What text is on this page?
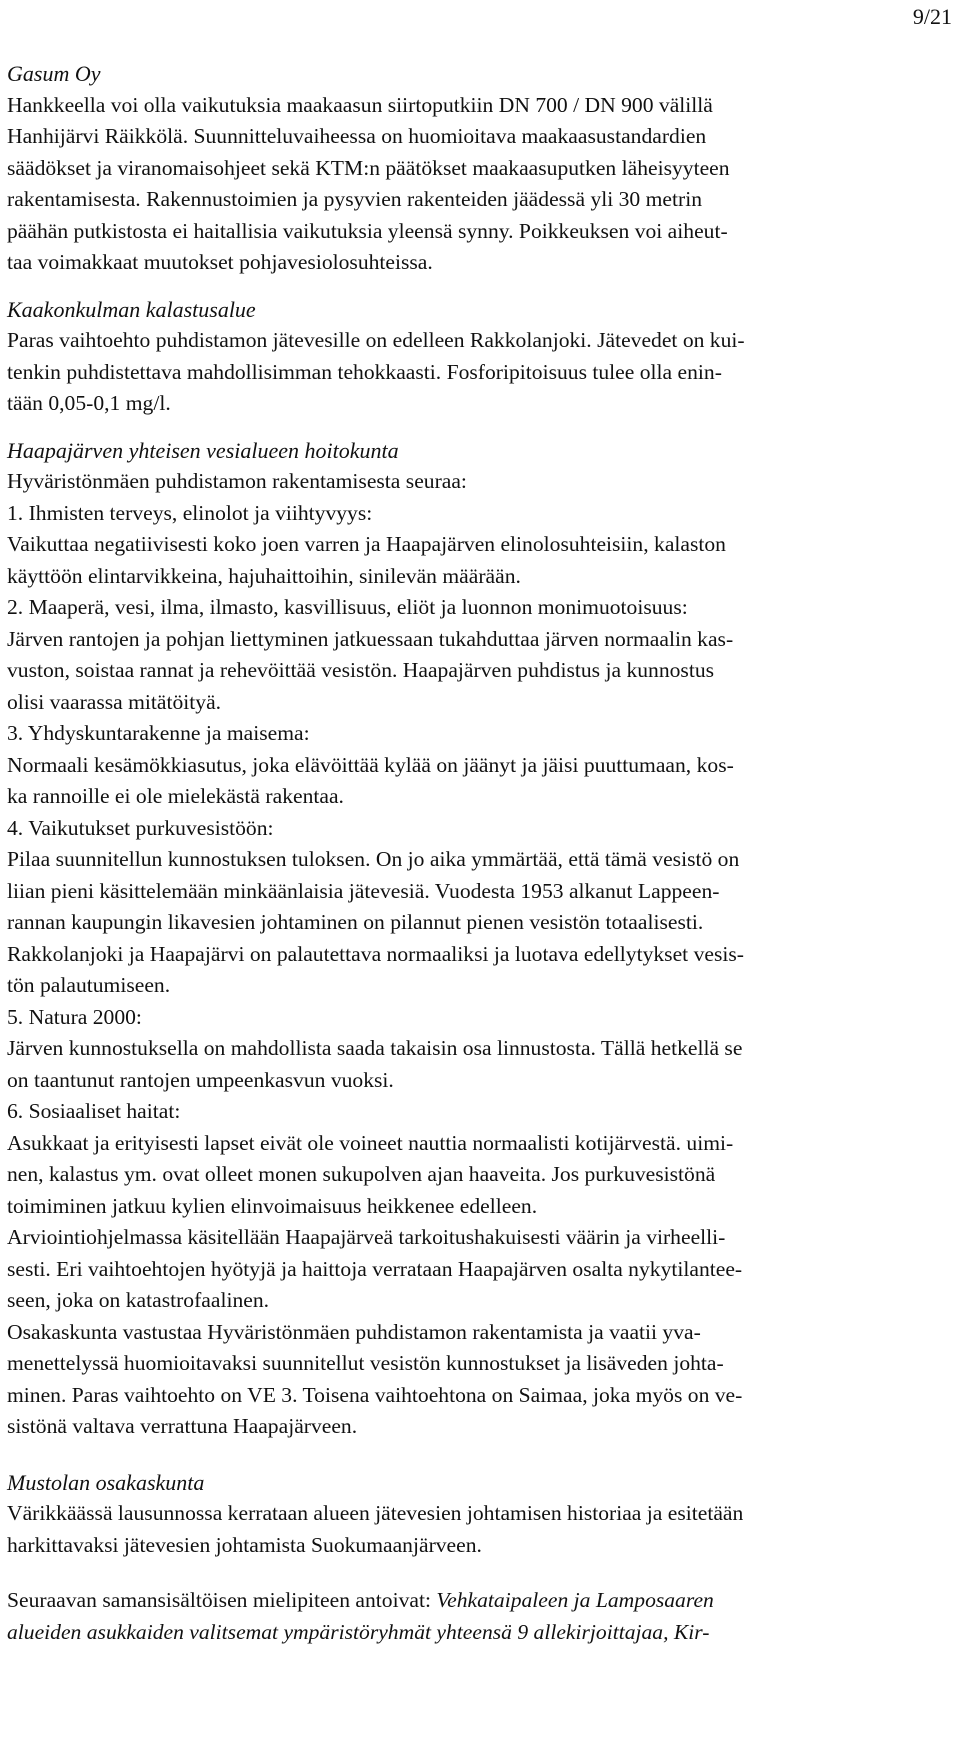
9/21

Gasum Oy

Hankkeella voi olla vaikutuksia maakaasun siirtoputkiin DN 700 / DN 900 välillä
Hanhijärvi Räikkölä. Suunnitteluvaiheessa on huomioitava maakaasustandardien
säädökset ja viranomaisohjeet sekä KTM:n päätökset maakaasuputken läheisyyteen
rakentamisesta. Rakennustoimien ja pysyvien rakenteiden jäädessä yli 30 metrin
päähän putkistosta ei haitallisia vaikutuksia yleensä synny. Poikkeuksen voi aiheut-
taa voimakkaat muutokset pohjavesiolosuhteissa.

Kaakonkulman kalastusalue

Paras vaihtoehto puhdistamon jätevesille on edelleen Rakkolanjoki. Jätevedet on kui-
tenkin puhdistettava mahdollisimman tehokkaasti. Fosforipitoisuus tulee olla enin-
tään 0,05-0,1 mg/l.

Haapajärven yhteisen vesialueen hoitokunta

Hyväristönmäen puhdistamon rakentamisesta seuraa:
1. Ihmisten terveys, elinolot ja viihtyvyys:
Vaikuttaa negatiivisesti koko joen varren ja Haapajärven elinolosuhteisiin, kalaston
käyttöön elintarvikkeina, hajuhaittoihin, sinilevän määrään.
2. Maaperä, vesi, ilma, ilmasto, kasvillisuus, eliöt ja luonnon monimuotoisuus:
Järven rantojen ja pohjan liettyminen jatkuessaan tukahduttaa järven normaalin kas-
vuston, soistaa rannat ja rehevöittää vesistön. Haapajärven puhdistus ja kunnostus
olisi vaarassa mitätöityä.
3. Yhdyskuntarakenne ja maisema:
Normaali kesämökkiasutus, joka elävöittää kylää on jäänyt ja jäisi puuttumaan, kos-
ka rannoille ei ole mielekästä rakentaa.
4. Vaikutukset purkuvesistöön:
Pilaa suunnitellun kunnostuksen tuloksen. On jo aika ymmärtää, että tämä vesistö on
liian pieni käsittelemään minkäänlaisia jätevesiä. Vuodesta 1953 alkanut Lappeen-
rannan kaupungin likavesien johtaminen on pilannut pienen vesistön totaalisesti.
Rakkolanjoki ja Haapajärvi on palautettava normaaliksi ja luotava edellytykset vesis-
tön palautumiseen.
5. Natura 2000:
Järven kunnostuksella on mahdollista saada takaisin osa linnustosta. Tällä hetkellä se
on taantunut rantojen umpeenkasvun vuoksi.
6. Sosiaaliset haitat:
Asukkaat ja erityisesti lapset eivät ole voineet nauttia normaalisti kotijärvestä. uimi-
nen, kalastus ym. ovat olleet monen sukupolven ajan haaveita. Jos purkuvesistönä
toimiminen jatkuu kylien elinvoimaisuus heikkenee edelleen.
Arviointiohjelmassa käsitellään Haapajärveä tarkoitushakuisesti väärin ja virheelli-
sesti. Eri vaihtoehtojen hyötyjä ja haittoja verrataan Haapajärven osalta nykytilantee-
seen, joka on katastrofaalinen.
Osakaskunta vastustaa Hyväristönmäen puhdistamon rakentamista ja vaatii yva-
menettelyssä huomioitavaksi suunnitellut vesistön kunnostukset ja lisäveden johta-
minen. Paras vaihtoehto on VE 3. Toisena vaihtoehtona on Saimaa, joka myös on ve-
sistönä valtava verrattuna Haapajärveen.

Mustolan osakaskunta

Värikkäässä lausunnossa kerrataan alueen jätevesien johtamisen historiaa ja esitetään
harkittavaksi jätevesien johtamista Suokumaanjärveen.

Seuraavan samansisältöisen mielipiteen antoivat: Vehkataipaleen ja Lamposaaren
alueiden asukkaiden valitsemat ympäristöryhmät yhteensä 9 allekirjoittajaa, Kir-
